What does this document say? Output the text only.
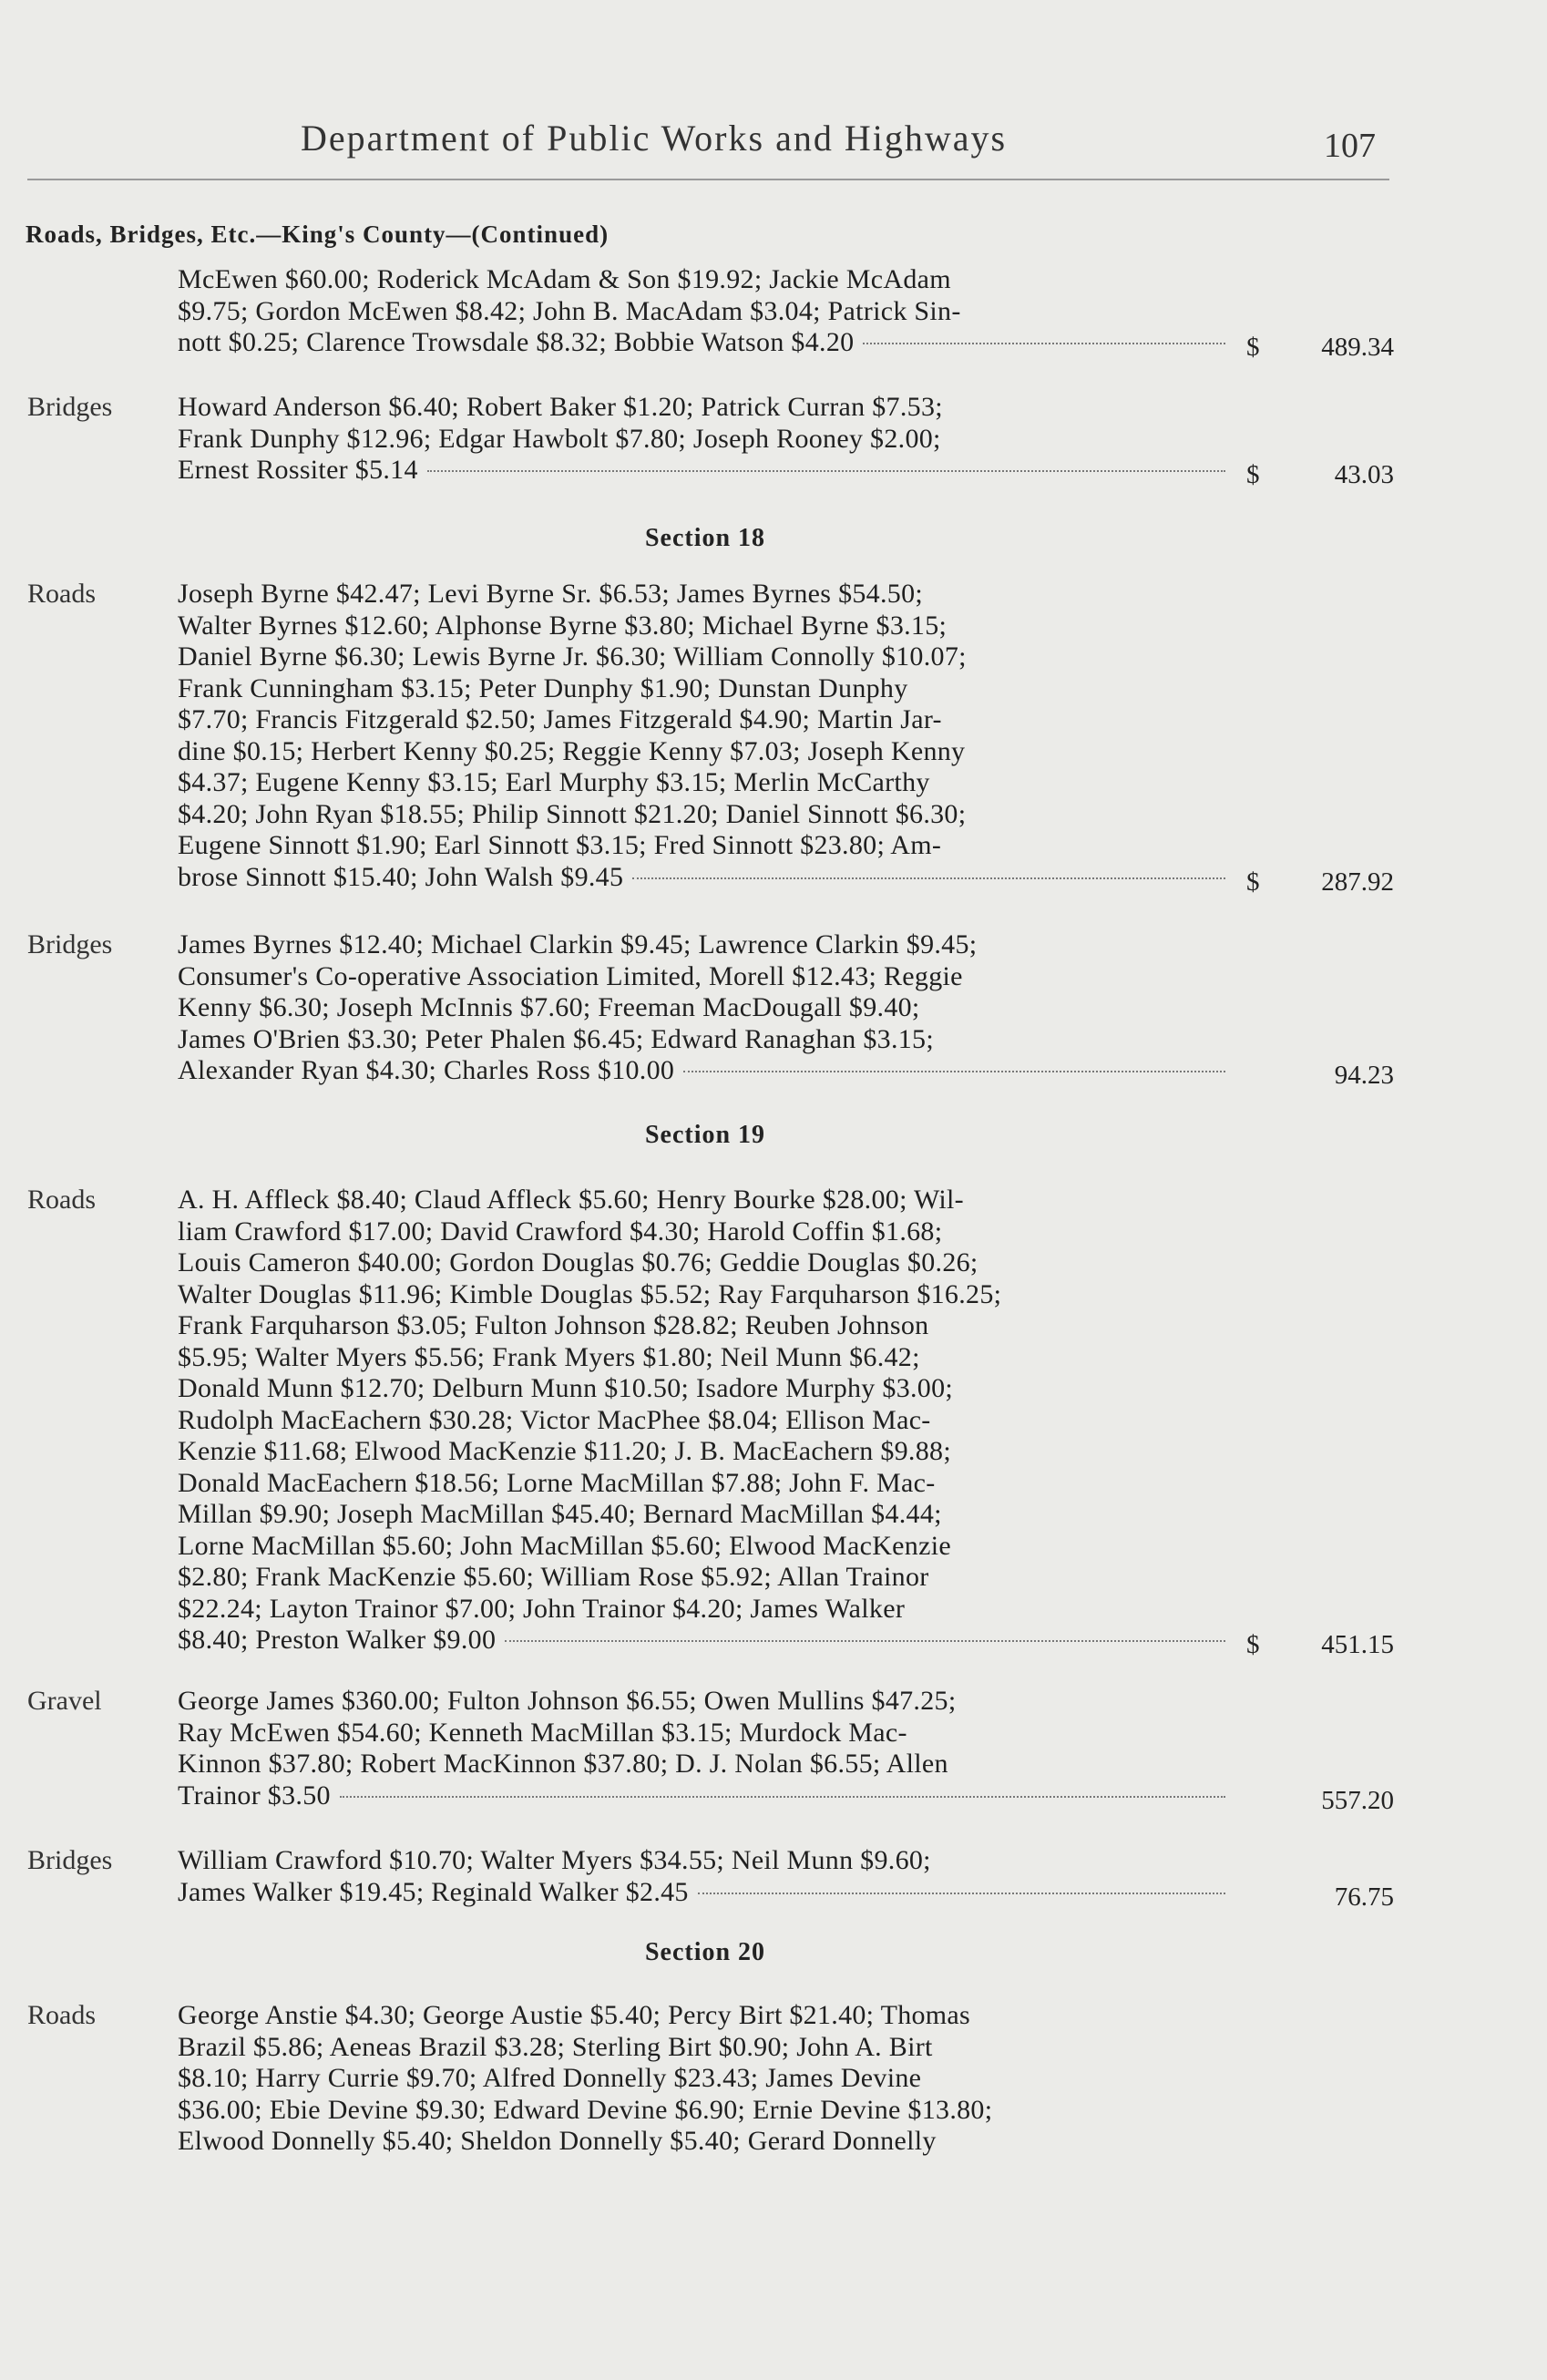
Department of Public Works and Highways	107
Roads, Bridges, Etc.—King's County—(Continued)
Section 18
Section 19
Section 20
McEwen $60.00; Roderick McAdam & Son $19.92; Jackie McAdam
$9.75; Gordon McEwen $8.42; John B. MacAdam $3.04; Patrick Sin-
nott $0.25; Clarence Trowsdale $8.32; Bobbie Watson $4.20	$	489.34
Bridges Howard Anderson $6.40; Robert Baker $1.20; Patrick Curran $7.53;
Frank Dunphy $12.96; Edgar Hawbolt $7.80; Joseph Rooney $2.00;
Ernest Rossiter $5.14	$	43.03
Roads	Joseph Byrne $42.47; Levi Byrne Sr. $6.53; James Byrnes $54.50;
Walter Byrnes $12.60; Alphonse Byrne $3.80; Michael Byrne $3.15;
Daniel Byrne $6.30; Lewis Byrne Jr. $6.30; William Connolly $10.07;
Frank Cunningham $3.15; Peter Dunphy $1.90; Dunstan Dunphy
$7.70; Francis Fitzgerald $2.50; James Fitzgerald $4.90; Martin Jar-
dine $0.15; Herbert Kenny $0.25; Reggie Kenny $7.03; Joseph Kenny
$4.37; Eugene Kenny $3.15; Earl Murphy $3.15; Merlin McCarthy
$4.20; John Ryan $18.55; Philip Sinnott $21.20; Daniel Sinnott $6.30;
Eugene Sinnott $1.90; Earl Sinnott $3.15; Fred Sinnott $23.80; Am-
brose Sinnott $15.40; John Walsh $9.45	$	287.92
Bridges James Byrnes $12.40; Michael Clarkin $9.45; Lawrence Clarkin $9.45;
Consumer's Co-operative Association Limited, Morell $12.43; Reggie
Kenny $6.30; Joseph McInnis $7.60; Freeman MacDougall $9.40;
James O'Brien $3.30; Peter Phalen $6.45; Edward Ranaghan $3.15;
Alexander Ryan $4.30; Charles Ross $10.00	94.23
Roads	A. H. Affleck $8.40; Claud Affleck $5.60; Henry Bourke $28.00; Wil-
liam Crawford $17.00; David Crawford $4.30; Harold Coffin $1.68;
Louis Cameron $40.00; Gordon Douglas $0.76; Geddie Douglas $0.26;
Walter Douglas $11.96; Kimble Douglas $5.52; Ray Farquharson $16.25;
Frank Farquharson $3.05; Fulton Johnson $28.82; Reuben Johnson
$5.95; Walter Myers $5.56; Frank Myers $1.80; Neil Munn $6.42;
Donald Munn $12.70; Delburn Munn $10.50; Isadore Murphy $3.00;
Rudolph MacEachern $30.28; Victor MacPhee $8.04; Ellison Mac-
Kenzie $11.68; Elwood MacKenzie $11.20; J. B. MacEachern $9.88;
Donald MacEachern $18.56; Lorne MacMillan $7.88; John F. Mac-
Millan $9.90; Joseph MacMillan $45.40; Bernard MacMillan $4.44;
Lorne MacMillan $5.60; John MacMillan $5.60; Elwood MacKenzie
$2.80; Frank MacKenzie $5.60; William Rose $5.92; Allan Trainor
$22.24; Layton Trainor $7.00; John Trainor $4.20; James Walker
$8.40; Preston Walker $9.00	$	451.15
Gravel	George James $360.00; Fulton Johnson $6.55; Owen Mullins $47.25;
Ray McEwen $54.60; Kenneth MacMillan $3.15; Murdock Mac-
Kinnon $37.80; Robert MacKinnon $37.80; D. J. Nolan $6.55; Allen
Trainor $3.50	557.20
Bridges William Crawford $10.70; Walter Myers $34.55; Neil Munn $9.60;
James Walker $19.45; Reginald Walker $2.45	76.75
Roads	George Anstie $4.30; George Austie $5.40; Percy Birt $21.40; Thomas
Brazil $5.86; Aeneas Brazil $3.28; Sterling Birt $0.90; John A. Birt
$8.10; Harry Currie $9.70; Alfred Donnelly $23.43; James Devine
$36.00; Ebie Devine $9.30; Edward Devine $6.90; Ernie Devine $13.80;
Elwood Donnelly $5.40; Sheldon Donnelly $5.40; Gerard Donnelly
